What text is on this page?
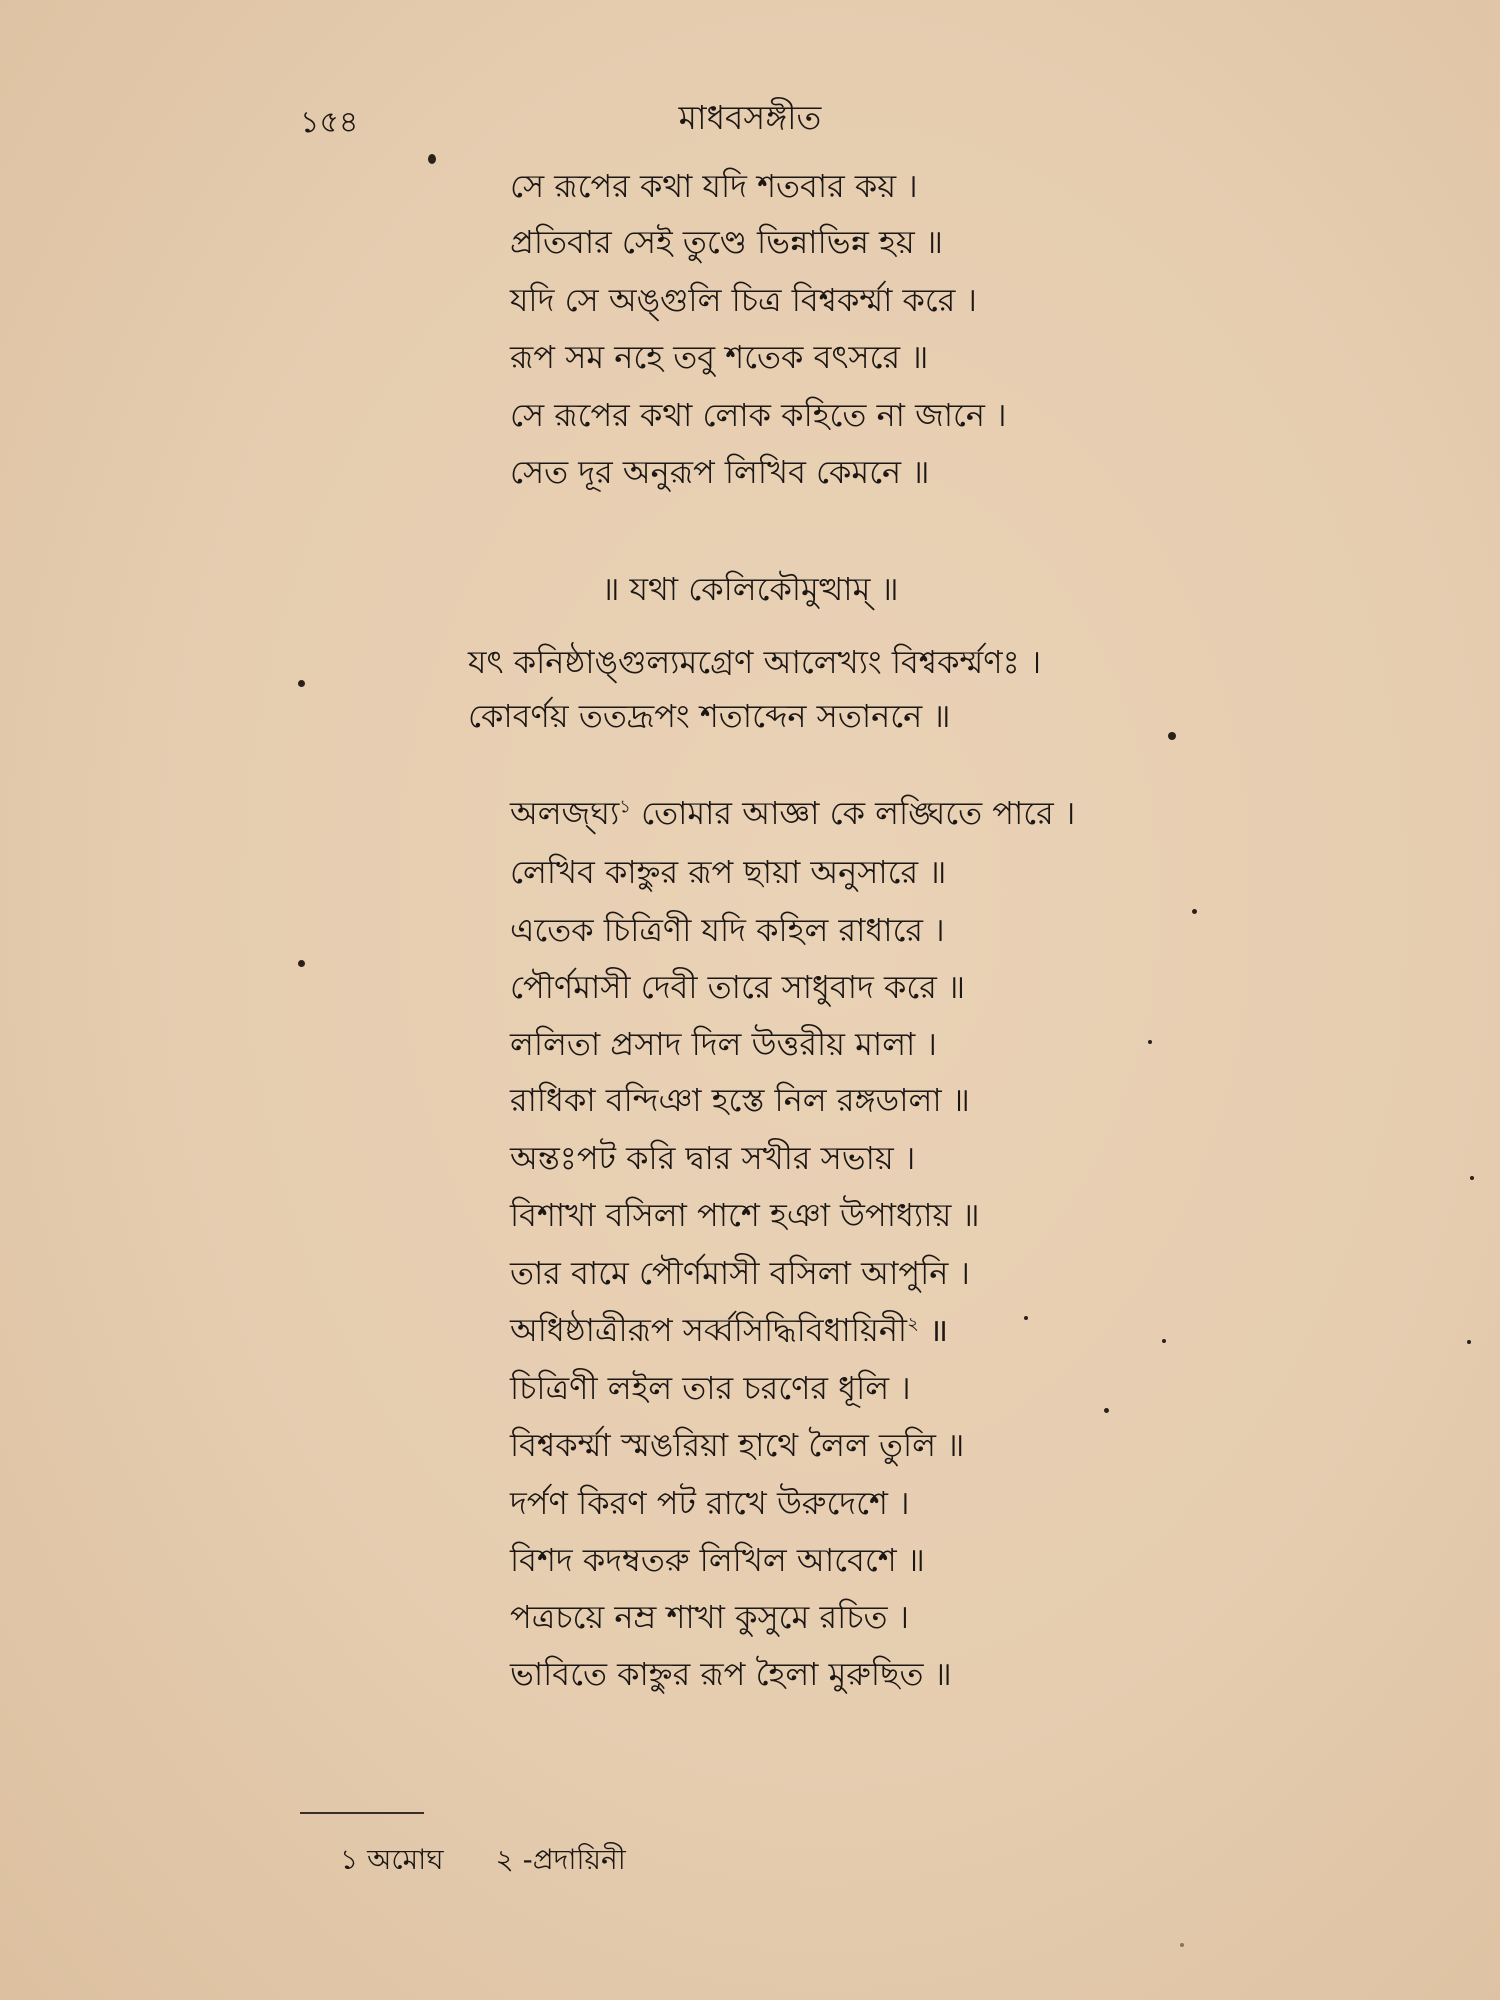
১৫৪	মাধবসঙ্গীত
সে রূপের কথা যদি শতবার কয় ।
প্রতিবার সেই তুণ্ডে ভিন্নাভিন্ন হয় ॥
যদি সে অঙ্গুলি চিত্র বিশ্বকর্ম্মা করে ।
রূপ সম নহে তবু শতেক বৎসরে ॥
সে রূপের কথা লোক কহিতে না জানে ।
সেত দূর অনুরূপ লিখিব কেমনে ॥
॥ যথা কেলিকৌমুত্থাম্ ॥
যৎ কনিষ্ঠাঙ্গুল্যমগ্রেণ আলেখ্যং বিশ্বকর্ম্মণঃ ।
কোবর্ণয় ততদ্রূপং শতাব্দেন সতাননে ॥
অলজ্ঘ্য$^১$ তোমার আজ্ঞা কে লঙ্ঘিতে পারে ।
লেখিব কাহ্নুর রূপ ছায়া অনুসারে ॥
এতেক চিত্রিণী যদি কহিল রাধারে ।
পৌর্ণমাসী দেবী তারে সাধুবাদ করে ॥
ললিতা প্রসাদ দিল উত্তরীয় মালা ।
রাধিকা বন্দিঞা হস্তে নিল রঙ্গডালা ॥
অন্তঃপট করি দ্বার সখীর সভায় ।
বিশাখা বসিলা পাশে হঞা উপাধ্যায় ॥
তার বামে পৌর্ণমাসী বসিলা আপুনি ।
অধিষ্ঠাত্রীরূপ সর্ব্বসিদ্ধিবিধায়িনী$^২$ ॥
চিত্রিণী লইল তার চরণের ধূলি ।
বিশ্বকর্ম্মা স্মঙরিয়া হাথে লৈল তুলি ॥
দর্পণ কিরণ পট রাখে উরুদেশে ।
বিশদ কদম্বতরু লিখিল আবেশে ॥
পত্রচয়ে নম্র শাখা কুসুমে রচিত ।
ভাবিতে কাহ্নুর রূপ হৈলা মুরুছিত ॥
১ অমোঘ ২ -প্রদায়িনী
